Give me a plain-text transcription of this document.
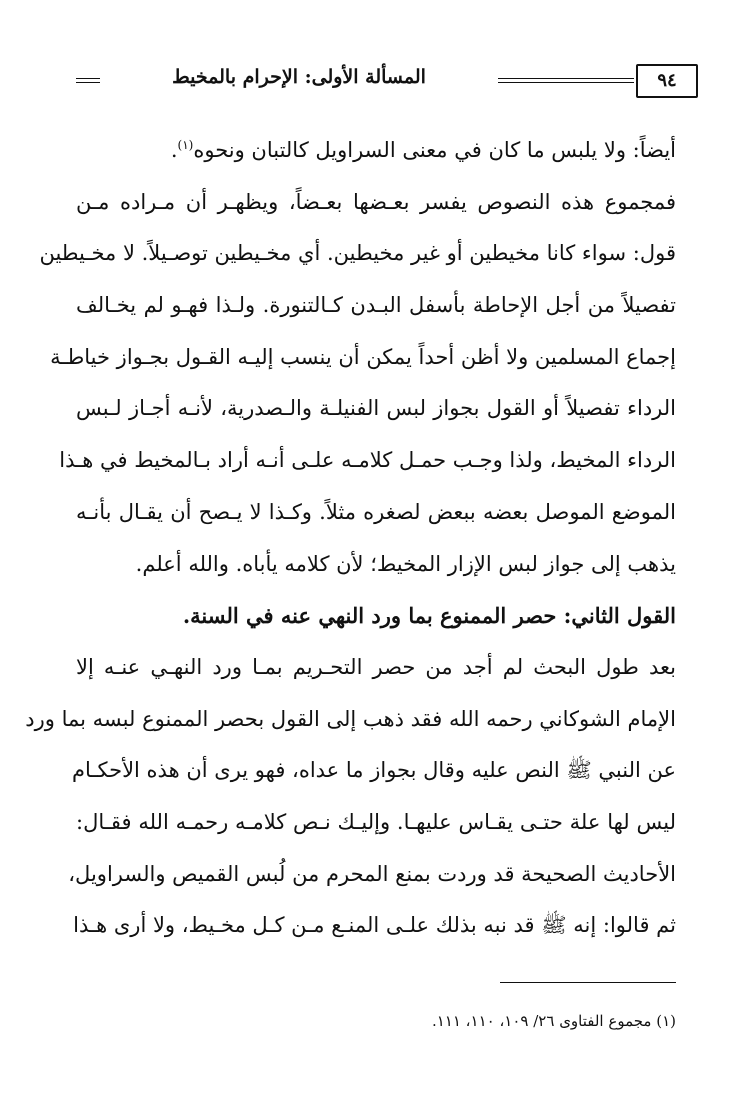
المسألة الأولى: الإحرام بالمخيط	٩٤
أيضاً: ولا يلبس ما كان في معنى السراويل كالتبان ونحوه$^{(١)}$.
فمجموع هذه النصوص يفسر بعـضها بعـضاً، ويظهـر أن مـراده مـن
قول: سواء كانا مخيطين أو غير مخيطين. أي مخـيطين توصـيلاً. لا مخـيطين
تفصيلاً من أجل الإحاطة بأسفل البـدن كـالتنورة. ولـذا فهـو لم يخـالف
إجماع المسلمين ولا أظن أحداً يمكن أن ينسب إليـه القـول بجـواز خياطـة
الرداء تفصيلاً أو القول بجواز لبس الفنيلـة والـصدرية، لأنـه أجـاز لـبس
الرداء المخيط، ولذا وجـب حمـل كلامـه علـى أنـه أراد بـالمخيط في هـذا
الموضع الموصل بعضه ببعض لصغره مثلاً. وكـذا لا يـصح أن يقـال بأنـه
يذهب إلى جواز لبس الإزار المخيط؛ لأن كلامه يأباه. والله أعلم.
القول الثاني: حصر الممنوع بما ورد النهي عنه في السنة.
بعد طول البحث لم أجد من حصر التحـريم بمـا ورد النهـي عنـه إلا
الإمام الشوكاني رحمه الله فقد ذهب إلى القول بحصر الممنوع لبسه بما ورد
عن النبي ﷺ النص عليه وقال بجواز ما عداه، فهو يرى أن هذه الأحكـام
ليس لها علة حتـى يقـاس عليهـا. وإليـك نـص كلامـه رحمـه الله فقـال:
الأحاديث الصحيحة قد وردت بمنع المحرم من لُبس القميص والسراويل،
ثم قالوا: إنه ﷺ قد نبه بذلك علـى المنـع مـن كـل مخـيط، ولا أرى هـذا
(١) مجموع الفتاوى ٢٦/ ١٠٩، ١١٠، ١١١.
